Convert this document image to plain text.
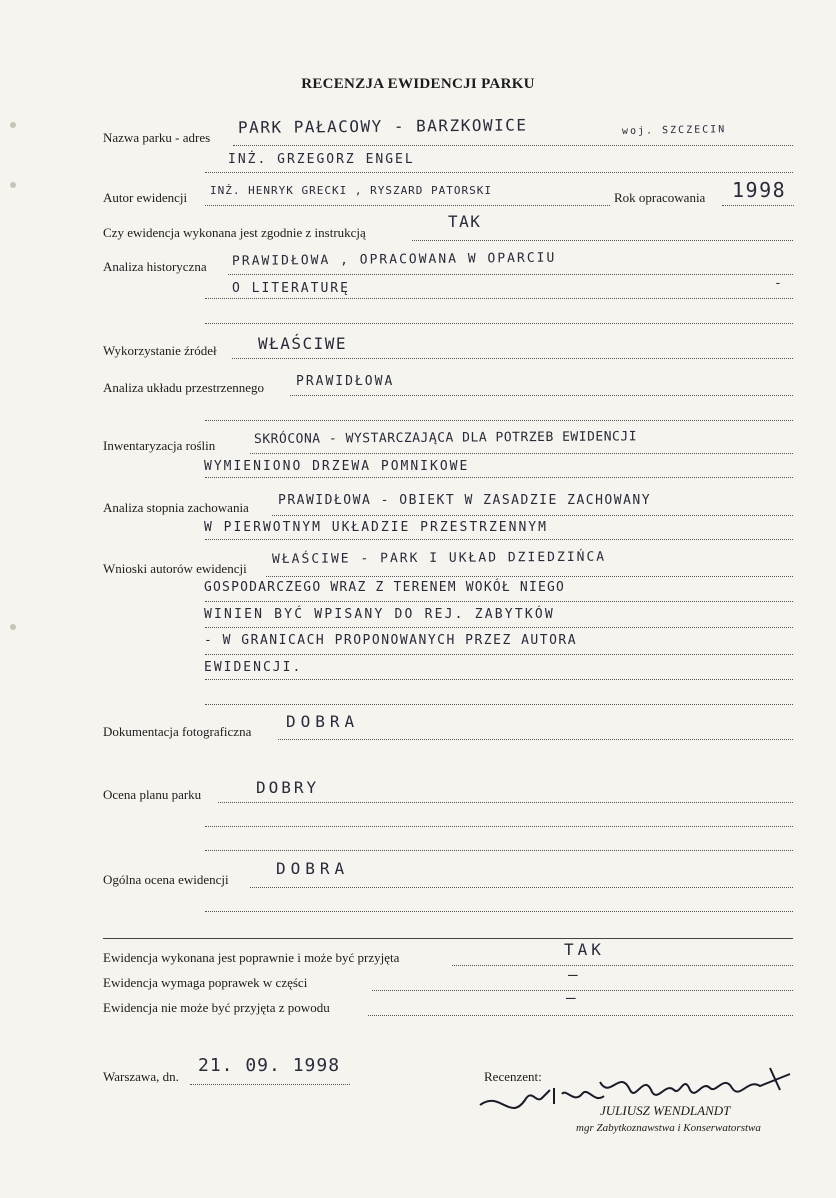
RECENZJA EWIDENCJI PARKU
Nazwa parku - adres
PARK PAŁACOWY - BARZKOWICE	woj. SZCZECIN
INŻ. GRZEGORZ ENGEL
Autor ewidencji INŻ. HENRYK GRECKI , RYSZARD PATORSKI	Rok opracowania 1998
Czy ewidencja wykonana jest zgodnie z instrukcją
TAK
Analiza historyczna PRAWIDŁOWA , OPRACOWANA W OPARCIU
O LITERATURĘ	-
Wykorzystanie źródeł	WŁAŚCIWE
Analiza układu przestrzennego PRAWIDŁOWA
Inwentaryzacja roślin	SKRÓCONA - WYSTARCZAJĄCA DLA POTRZEB EWIDENCJI
WYMIENIONO DRZEWA POMNIKOWE
Analiza stopnia zachowania PRAWIDŁOWA - OBIEKT W ZASADZIE ZACHOWANY
W PIERWOTNYM UKŁADZIE PRZESTRZENNYM
Wnioski autorów ewidencji
WŁAŚCIWE - PARK I UKŁAD DZIEDZIŃCA
GOSPODARCZEGO WRAZ Z TERENEM WOKÓŁ NIEGO
WINIEN BYĆ WPISANY DO REJ. ZABYTKÓW
- W GRANICACH PROPONOWANYCH PRZEZ AUTORA
EWIDENCJI.
Dokumentacja fotograficzna
DOBRA
Ocena planu parku	DOBRY
Ogólna ocena ewidencji
DOBRA
Ewidencja wykonana jest poprawnie i może być przyjęta	TAK
Ewidencja wymaga poprawek w części	—
Ewidencja nie może być przyjęta z powodu
—
Warszawa, dn.
21. 09. 1998
Recenzent:
JULIUSZ WENDLANDT
mgr Zabytkoznawstwa i Konserwatorstwa
